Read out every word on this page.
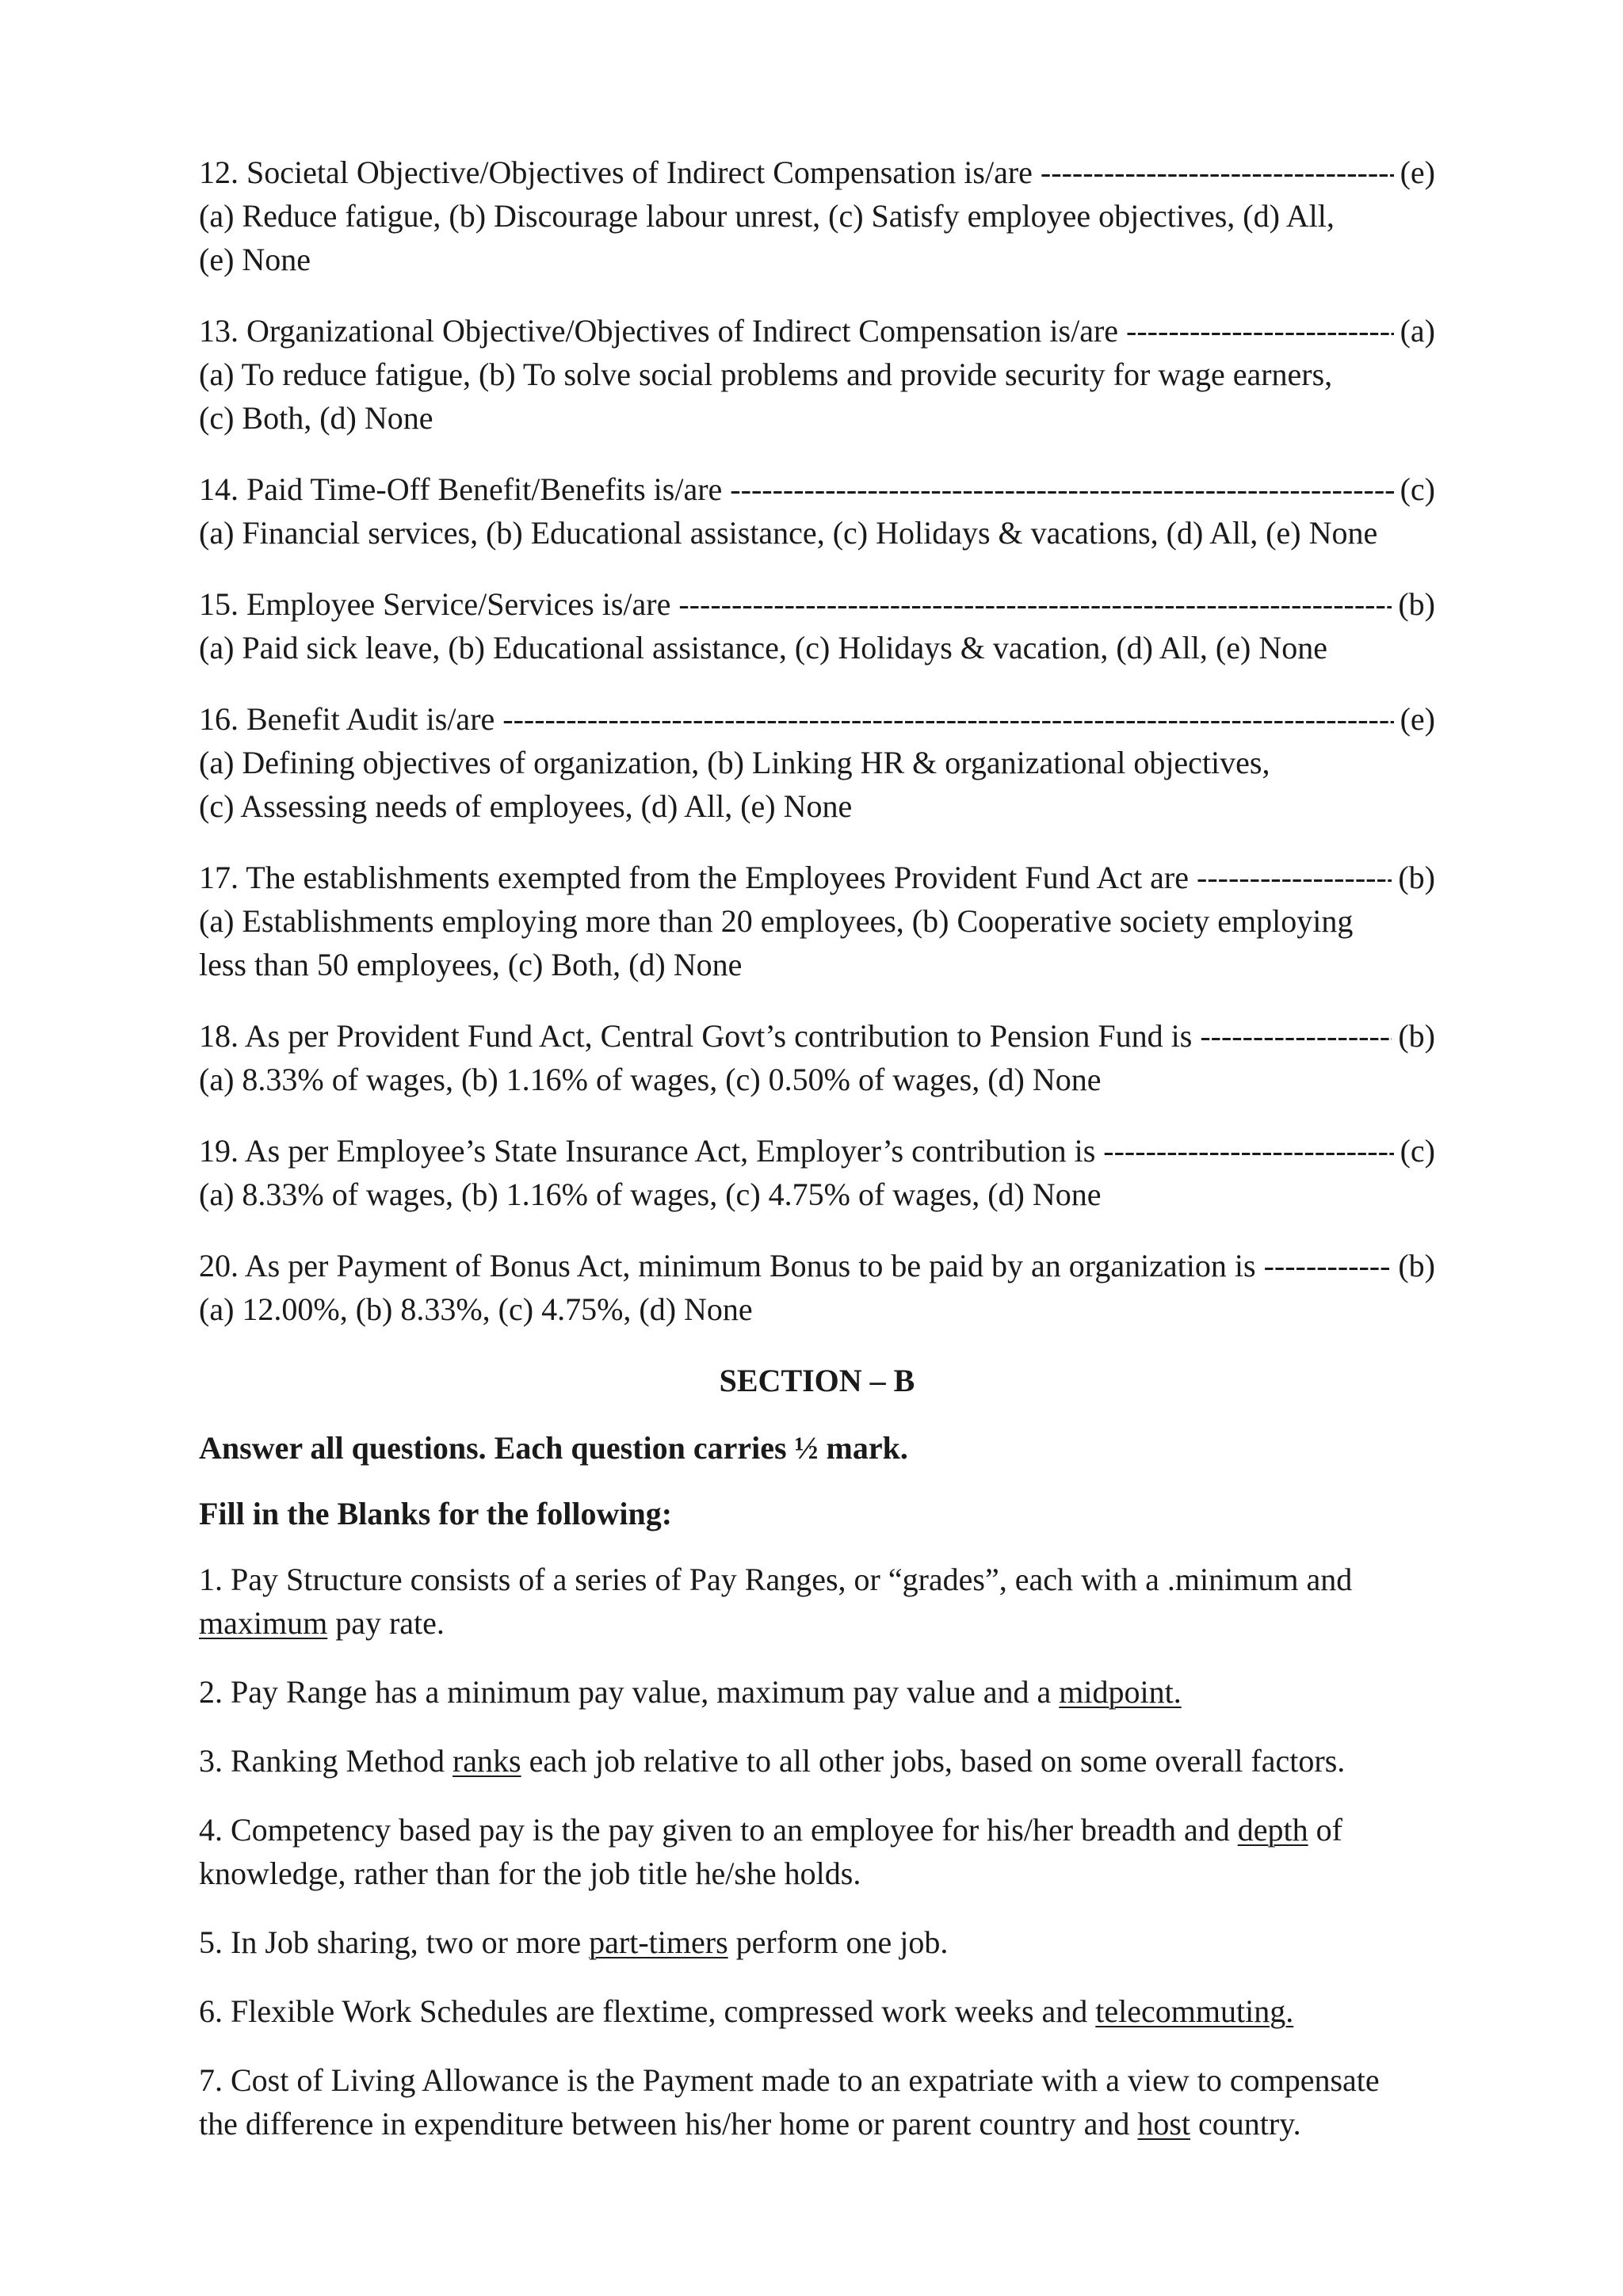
12. Societal Objective/Objectives of Indirect Compensation is/are -----	(e)
(a) Reduce fatigue, (b) Discourage labour unrest, (c) Satisfy employee objectives, (d) All,
(e) None
13. Organizational Objective/Objectives of Indirect Compensation is/are -----	(a)
(a) To reduce fatigue, (b) To solve social problems and provide security for wage earners,
(c) Both, (d) None
14. Paid Time-Off Benefit/Benefits is/are -----	(c)
(a) Financial services, (b) Educational assistance, (c) Holidays & vacations, (d) All, (e) None
15. Employee Service/Services is/are -----	(b)
(a) Paid sick leave, (b) Educational assistance, (c) Holidays & vacation, (d) All, (e) None
16. Benefit Audit is/are -----	(e)
(a) Defining objectives of organization, (b) Linking HR & organizational objectives,
(c) Assessing needs of employees, (d) All, (e) None
17. The establishments exempted from the Employees Provident Fund Act are -----	(b)
(a) Establishments employing more than 20 employees, (b) Cooperative society employing
less than 50 employees, (c) Both, (d) None
18. As per Provident Fund Act, Central Govt’s contribution to Pension Fund is -----	(b)
(a) 8.33% of wages, (b) 1.16% of wages, (c) 0.50% of wages, (d) None
19. As per Employee’s State Insurance Act, Employer’s contribution is -----	(c)
(a) 8.33% of wages, (b) 1.16% of wages, (c) 4.75% of wages, (d) None
20. As per Payment of Bonus Act, minimum Bonus to be paid by an organization is -----	(b)
(a) 12.00%, (b) 8.33%, (c) 4.75%, (d) None
SECTION – B
Answer all questions. Each question carries ½ mark.
Fill in the Blanks for the following:
1. Pay Structure consists of a series of Pay Ranges, or “grades”, each with a .minimum and
maximum pay rate.
2. Pay Range has a minimum pay value, maximum pay value and a midpoint.
3. Ranking Method ranks each job relative to all other jobs, based on some overall factors.
4. Competency based pay is the pay given to an employee for his/her breadth and depth of
knowledge, rather than for the job title he/she holds.
5. In Job sharing, two or more part-timers perform one job.
6. Flexible Work Schedules are flextime, compressed work weeks and telecommuting.
7. Cost of Living Allowance is the Payment made to an expatriate with a view to compensate
the difference in expenditure between his/her home or parent country and host country.
